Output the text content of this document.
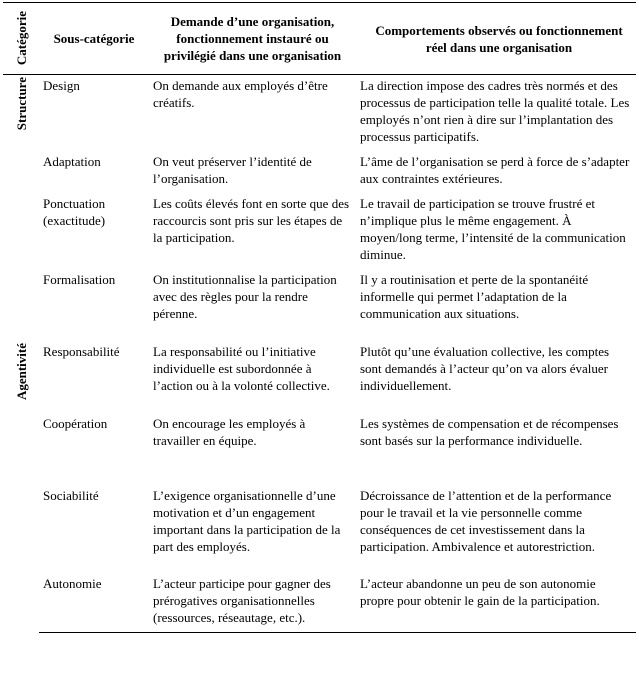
Catégorie	Sous-catégorie	Demande d’une organisation, fonctionnement instauré ou privilégié dans une organisation	Comportements observés ou fonctionnement réel dans une organisation

Structure	Design	On demande aux employés d’être créatifs.	La direction impose des cadres très normés et des processus de participation telle la qualité totale. Les employés n’ont rien à dire sur l’implantation des processus participatifs.
	Adaptation	On veut préserver l’identité de l’organisation.	L’âme de l’organisation se perd à force de s’adapter aux contraintes extérieures.
	Ponctuation (exactitude)	Les coûts élevés font en sorte que des raccourcis sont pris sur les étapes de la participation.	Le travail de participation se trouve frustré et n’implique plus le même engagement. À moyen/long terme, l’intensité de la communication diminue.
	Formalisation	On institutionnalise la participation avec des règles pour la rendre pérenne.	Il y a routinisation et perte de la spontanéité informelle qui permet l’adaptation de la communication aux situations.

Agentivité	Responsabilité	La responsabilité ou l’initiative individuelle est subordonnée à l’action ou à la volonté collective.	Plutôt qu’une évaluation collective, les comptes sont demandés à l’acteur qu’on va alors évaluer individuellement.
	Coopération	On encourage les employés à travailler en équipe.	Les systèmes de compensation et de récompenses sont basés sur la performance individuelle.
	Sociabilité	L’exigence organisationnelle d’une motivation et d’un engagement important dans la participation de la part des employés.	Décroissance de l’attention et de la performance pour le travail et la vie personnelle comme conséquences de cet investissement dans la participation. Ambivalence et autorestriction.
	Autonomie	L’acteur participe pour gagner des prérogatives organisationnelles (ressources, réseautage, etc.).	L’acteur abandonne un peu de son autonomie propre pour obtenir le gain de la participation.
